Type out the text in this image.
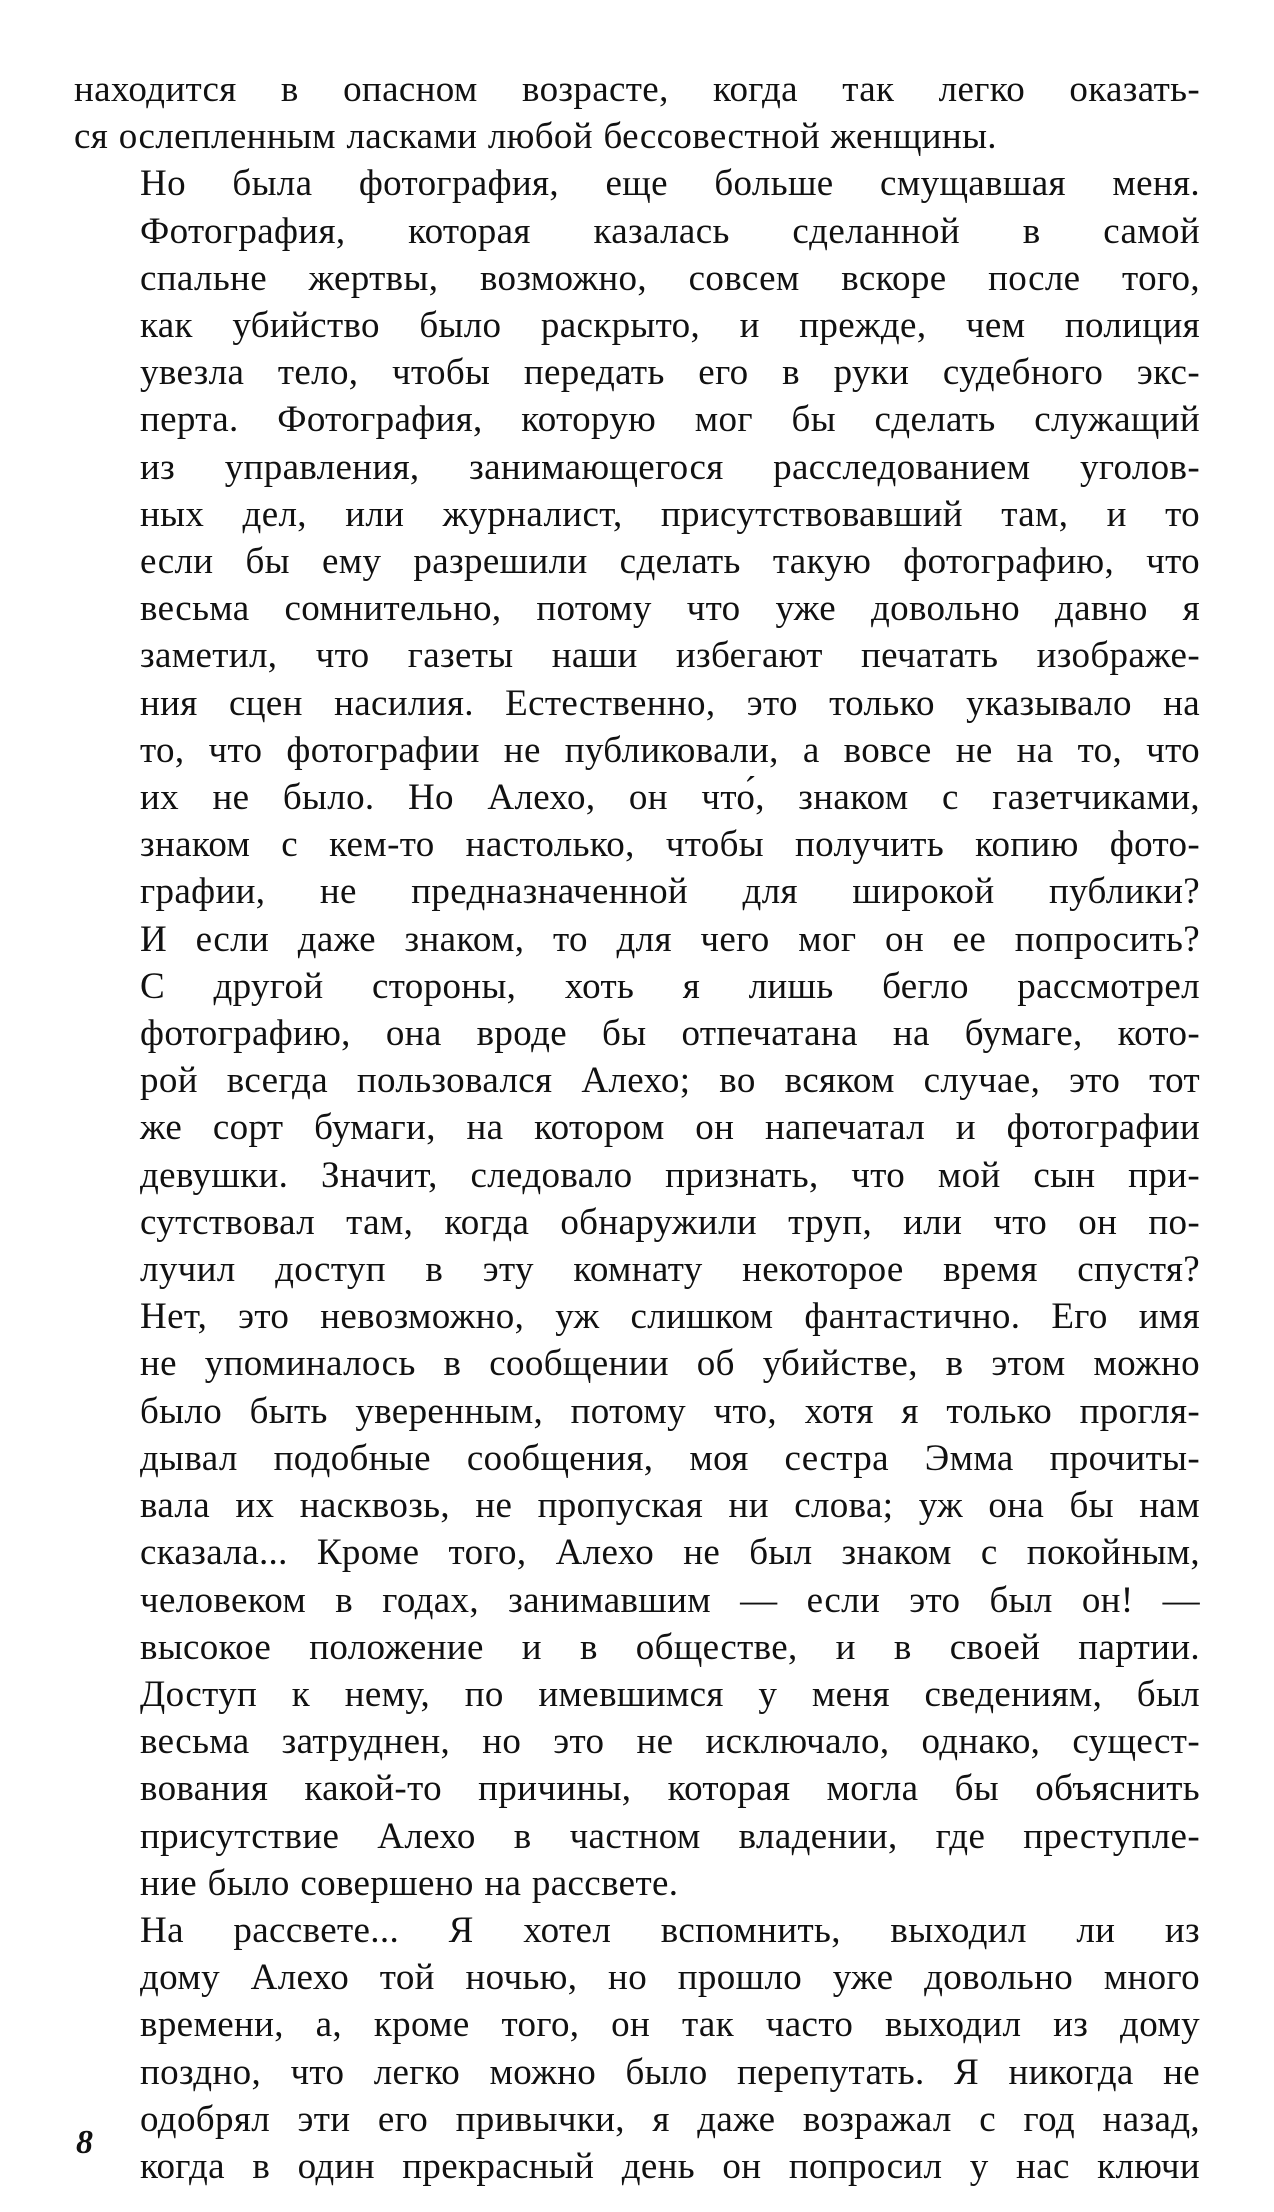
находится в опасном возрасте, когда так легко оказать-
ся ослепленным ласками любой бессовестной женщины.

Но была фотография, еще больше смущавшая меня.
Фотография, которая казалась сделанной в самой
спальне жертвы, возможно, совсем вскоре после того,
как убийство было раскрыто, и прежде, чем полиция
увезла тело, чтобы передать его в руки судебного экс-
перта. Фотография, которую мог бы сделать служащий
из управления, занимающегося расследованием уголов-
ных дел, или журналист, присутствовавший там, и то
если бы ему разрешили сделать такую фотографию, что
весьма сомнительно, потому что уже довольно давно я
заметил, что газеты наши избегают печатать изображе-
ния сцен насилия. Естественно, это только указывало на
то, что фотографии не публиковали, а вовсе не на то, что
их не было. Но Алехо, он что́, знаком с газетчиками,
знаком с кем-то настолько, чтобы получить копию фото-
графии, не предназначенной для широкой публики?
И если даже знаком, то для чего мог он ее попросить?

С другой стороны, хоть я лишь бегло рассмотрел
фотографию, она вроде бы отпечатана на бумаге, кото-
рой всегда пользовался Алехо; во всяком случае, это тот
же сорт бумаги, на котором он напечатал и фотографии
девушки. Значит, следовало признать, что мой сын при-
сутствовал там, когда обнаружили труп, или что он по-
лучил доступ в эту комнату некоторое время спустя?
Нет, это невозможно, уж слишком фантастично. Его имя
не упоминалось в сообщении об убийстве, в этом можно
было быть уверенным, потому что, хотя я только прогля-
дывал подобные сообщения, моя сестра Эмма прочиты-
вала их насквозь, не пропуская ни слова; уж она бы нам
сказала... Кроме того, Алехо не был знаком с покойным,
человеком в годах, занимавшим — если это был он! —
высокое положение и в обществе, и в своей партии.
Доступ к нему, по имевшимся у меня сведениям, был
весьма затруднен, но это не исключало, однако, сущест-
вования какой-то причины, которая могла бы объяснить
присутствие Алехо в частном владении, где преступле-
ние было совершено на рассвете.

На рассвете... Я хотел вспомнить, выходил ли из
дому Алехо той ночью, но прошло уже довольно много
времени, а, кроме того, он так часто выходил из дому
поздно, что легко можно было перепутать. Я никогда не
одобрял эти его привычки, я даже возражал с год назад,
когда в один прекрасный день он попросил у нас ключи

8
